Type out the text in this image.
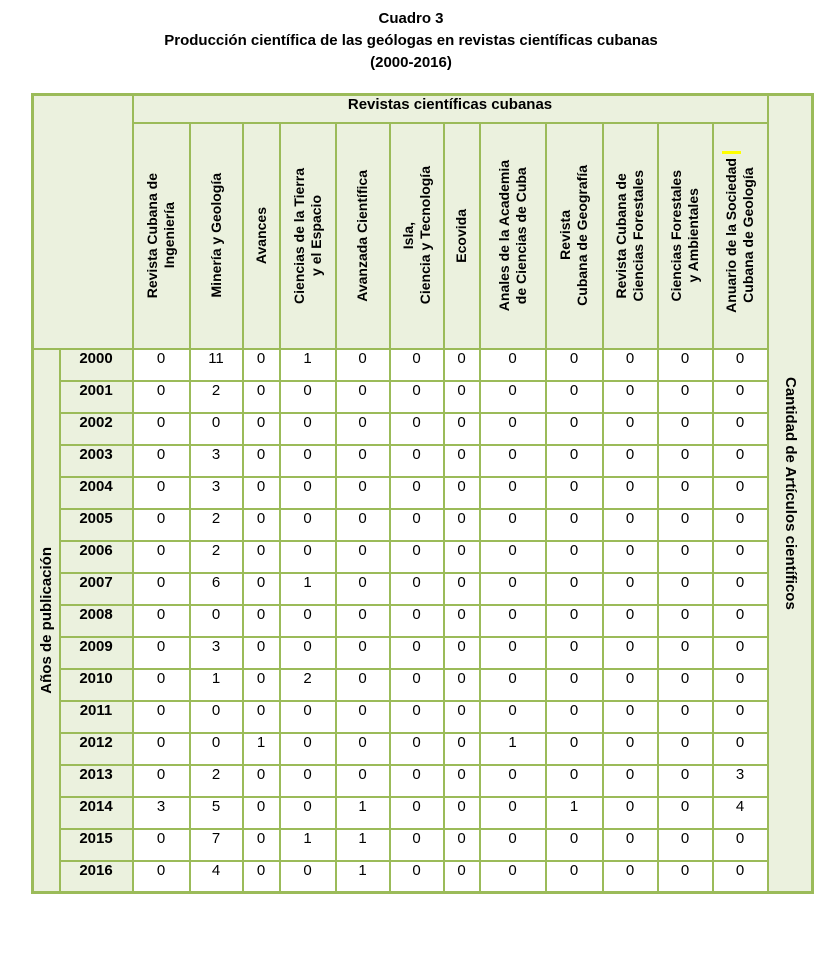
Cuadro 3
Producción científica de las geólogas en revistas científicas cubanas
(2000-2016)
		Revistas científicas cubanas												Cantidad de Artículos científicos

		Revista Cubana de
Ingeniería	Minería y Geología	Avances	Ciencias de la Tierra
y el Espacio	Avanzada Científica	Isla,
Ciencia y Tecnología	Ecovida	Anales de la Academia
de Ciencias de Cuba	Revista
Cubana de Geografía	Revista Cubana de
Ciencias Forestales	Ciencias Forestales
y Ambientales	Anuario de la Sociedad
Cubana de Geología	

Años de publicación	2000	0	11	0	1	0	0	0	0	0	0	0	0	
	2001	0	2	0	0	0	0	0	0	0	0	0	0	
	2002	0	0	0	0	0	0	0	0	0	0	0	0	
	2003	0	3	0	0	0	0	0	0	0	0	0	0	
	2004	0	3	0	0	0	0	0	0	0	0	0	0	
	2005	0	2	0	0	0	0	0	0	0	0	0	0	
	2006	0	2	0	0	0	0	0	0	0	0	0	0	
	2007	0	6	0	1	0	0	0	0	0	0	0	0	
	2008	0	0	0	0	0	0	0	0	0	0	0	0	
	2009	0	3	0	0	0	0	0	0	0	0	0	0	
	2010	0	1	0	2	0	0	0	0	0	0	0	0	
	2011	0	0	0	0	0	0	0	0	0	0	0	0	
	2012	0	0	1	0	0	0	0	1	0	0	0	0	
	2013	0	2	0	0	0	0	0	0	0	0	0	3	
	2014	3	5	0	0	1	0	0	0	1	0	0	4	
	2015	0	7	0	1	1	0	0	0	0	0	0	0	
	2016	0	4	0	0	1	0	0	0	0	0	0	0	
